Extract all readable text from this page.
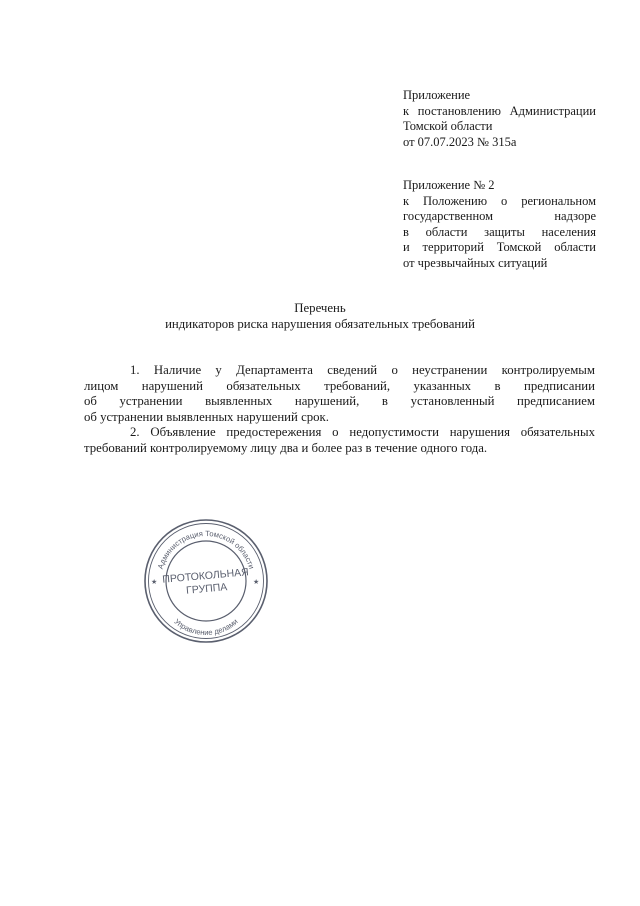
Приложение
к постановлению Администрации
Томской области
от 07.07.2023 № 315а
Приложение № 2
к Положению о региональном
государственном надзоре
в области защиты населения
и территорий Томской области
от чрезвычайных ситуаций
Перечень
индикаторов риска нарушения обязательных требований
1. Наличие у Департамента сведений о неустранении контролируемым
лицом нарушений обязательных требований, указанных в предписании
об устранении выявленных нарушений, в установленный предписанием
об устранении выявленных нарушений срок.
2. Объявление предостережения о недопустимости нарушения обязательных
требований контролируемому лицу два и более раз в течение одного года.
Администрация Томской области
Управление делами
★	★
ПРОТОКОЛЬНАЯ
ГРУППА
